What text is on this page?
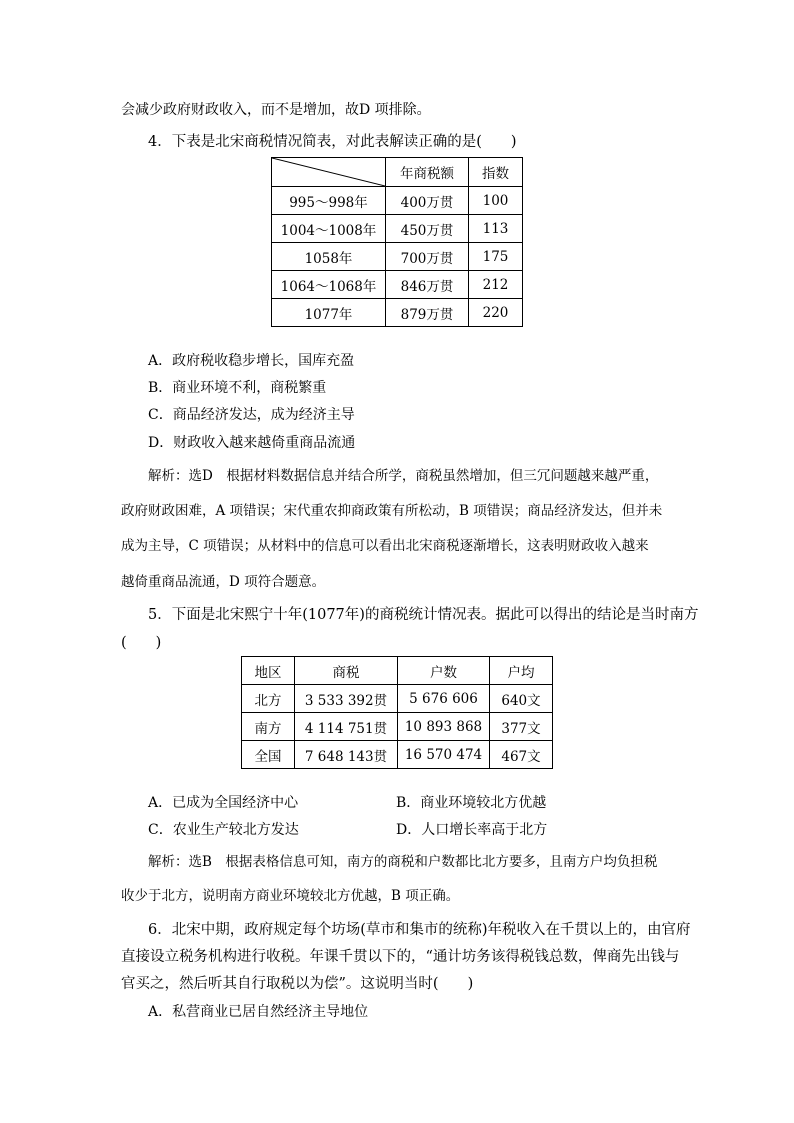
会减少政府财政收入，而不是增加，故D 项排除。
4．下表是北宋商税情况简表，对此表解读正确的是(　　)
	年商税额	指数
995～998年	400万贯	100
1004～1008年	450万贯	113
1058年	700万贯	175
1064～1068年	846万贯	212
1077年	879万贯	220
A．政府税收稳步增长，国库充盈
B．商业环境不利，商税繁重
C．商品经济发达，成为经济主导
D．财政收入越来越倚重商品流通
解析：选D　根据材料数据信息并结合所学，商税虽然增加，但三冗问题越来越严重，
政府财政困难，A 项错误；宋代重农抑商政策有所松动，B 项错误；商品经济发达，但并未
成为主导，C 项错误；从材料中的信息可以看出北宋商税逐渐增长，这表明财政收入越来
越倚重商品流通，D 项符合题意。
5．下面是北宋熙宁十年(1077年)的商税统计情况表。据此可以得出的结论是当时南方
(　　)
地区	商税	户数	户均
北方	3 533 392贯	5 676 606	640文
南方	4 114 751贯	10 893 868	377文
全国	7 648 143贯	16 570 474	467文
A．已成为全国经济中心	B．商业环境较北方优越
C．农业生产较北方发达	D．人口增长率高于北方
解析：选B　根据表格信息可知，南方的商税和户数都比北方要多，且南方户均负担税
收少于北方，说明南方商业环境较北方优越，B 项正确。
6．北宋中期，政府规定每个坊场(草市和集市的统称)年税收入在千贯以上的，由官府
直接设立税务机构进行收税。年课千贯以下的，“通计坊务该得税钱总数，俾商先出钱与
官买之，然后听其自行取税以为偿”。这说明当时(　　)
A．私营商业已居自然经济主导地位
